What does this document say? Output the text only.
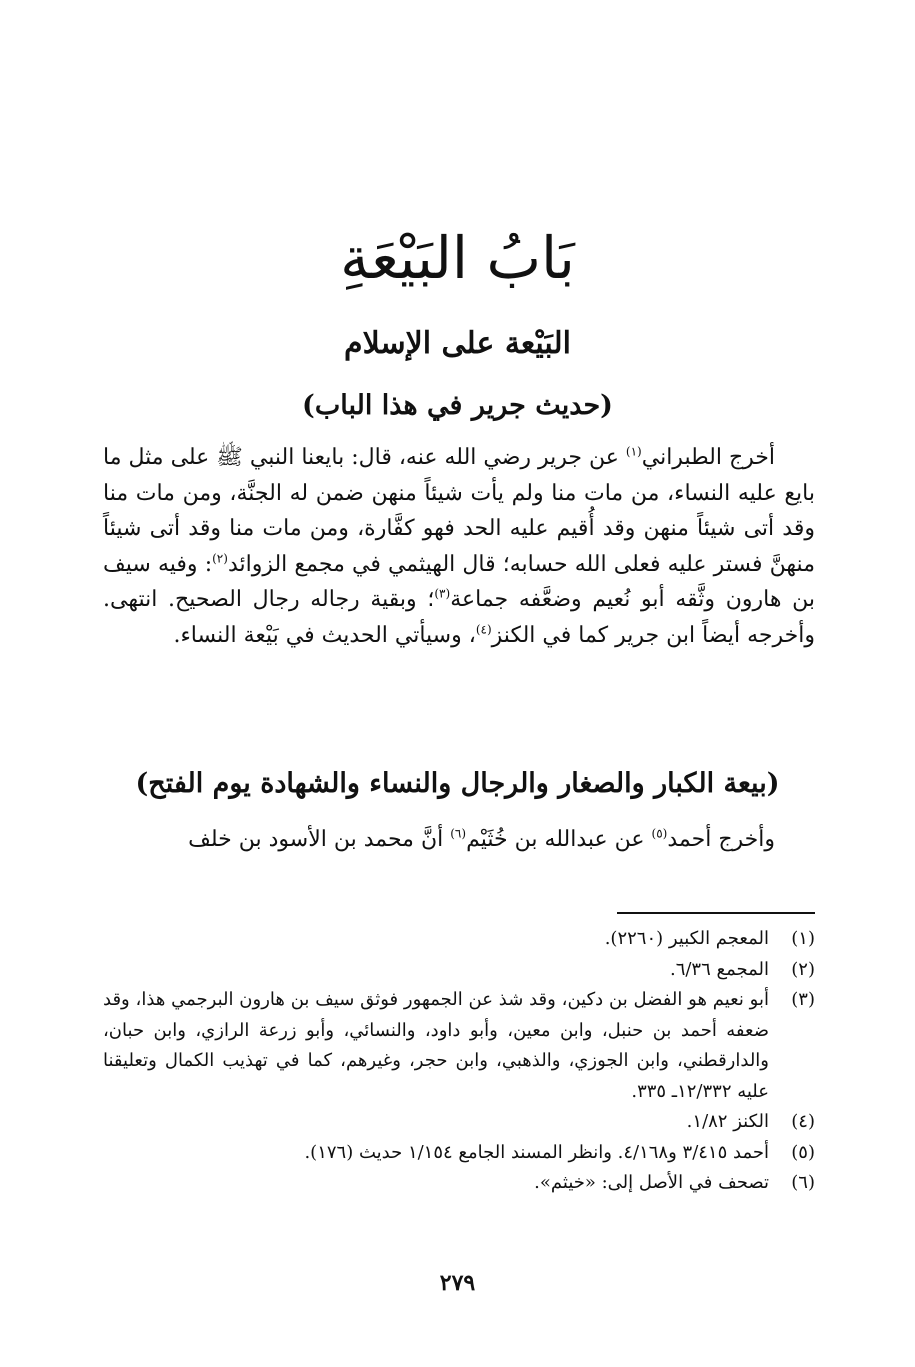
بَابُ البَيْعَةِ
البَيْعة على الإسلام
(حديث جرير في هذا الباب)

أخرج الطبراني$^{(١)}$ عن جرير رضي الله عنه، قال: بايعنا النبي ﷺ على مثل ما بايع عليه النساء، من مات منا ولم يأت شيئاً منهن ضمن له الجنَّة، ومن مات منا وقد أتى شيئاً منهن وقد أُقيم عليه الحد فهو كفَّارة، ومن مات منا وقد أتى شيئاً منهنَّ فستر عليه فعلى الله حسابه؛ قال الهيثمي في مجمع الزوائد$^{(٢)}$: وفيه سيف بن هارون وثَّقه أبو نُعيم وضعَّفه جماعة$^{(٣)}$؛ وبقية رجاله رجال الصحيح. انتهى. وأخرجه أيضاً ابن جرير كما في الكنز$^{(٤)}$، وسيأتي الحديث في بَيْعة النساء.

(بيعة الكبار والصغار والرجال والنساء والشهادة يوم الفتح)

وأخرج أحمد$^{(٥)}$ عن عبدالله بن خُثَيْم$^{(٦)}$ أنَّ محمد بن الأسود بن خلف

(١)
المعجم الكبير (٢٢٦٠).
(٢)
المجمع ٦/٣٦.
(٣)
أبو نعيم هو الفضل بن دكين، وقد شذ عن الجمهور فوثق سيف بن هارون البرجمي هذا، وقد ضعفه أحمد بن حنبل، وابن معين، وأبو داود، والنسائي، وأبو زرعة الرازي، وابن حبان، والدارقطني، وابن الجوزي، والذهبي، وابن حجر، وغيرهم، كما في تهذيب الكمال وتعليقنا عليه ١٢/٣٣٢ـ ٣٣٥.
(٤)
الكنز ١/٨٢.
(٥)
أحمد ٣/٤١٥ و٤/١٦٨. وانظر المسند الجامع ١/١٥٤ حديث (١٧٦).
(٦)
تصحف في الأصل إلى: «خيثم».
٢٧٩
